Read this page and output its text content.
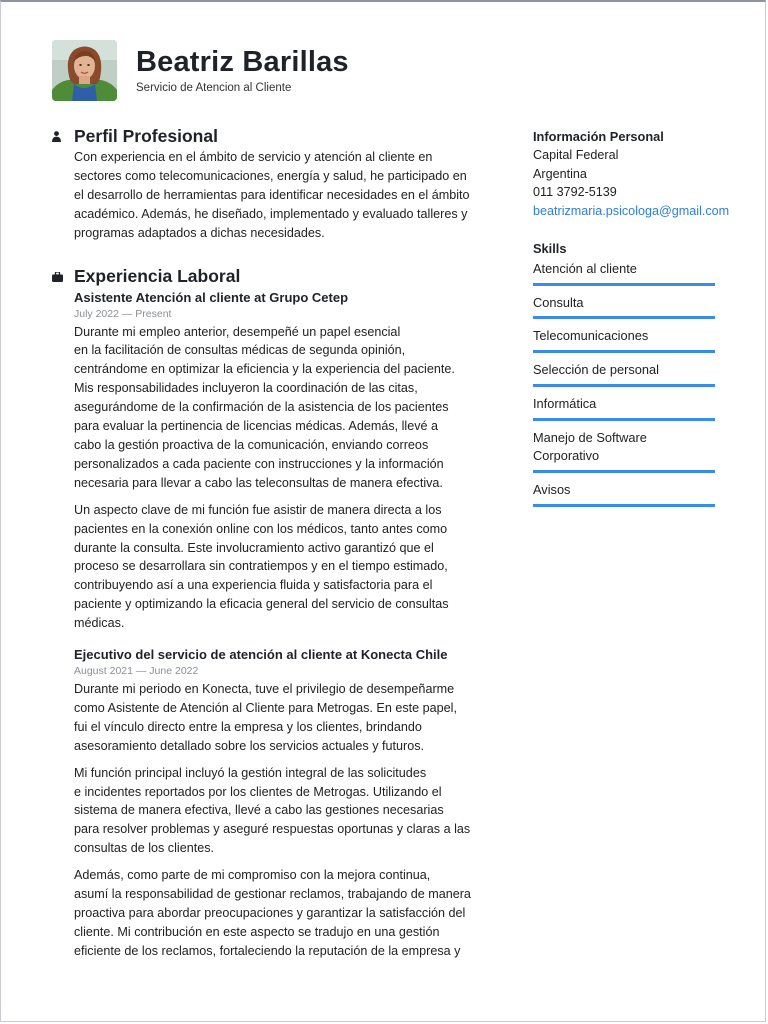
Beatriz Barillas
Servicio de Atencion al Cliente
Perfil Profesional

Con experiencia en el ámbito de servicio y atención al cliente en

sectores como telecomunicaciones, energía y salud, he participado en

el desarrollo de herramientas para identificar necesidades en el ámbito

académico. Además, he diseñado, implementado y evaluado talleres y

programas adaptados a dichas necesidades.

Experiencia Laboral
Asistente Atención al cliente at Grupo Cetep
July 2022 — Present

Durante mi empleo anterior, desempeñé un papel esencial

en la facilitación de consultas médicas de segunda opinión,

centrándome en optimizar la eficiencia y la experiencia del paciente.

Mis responsabilidades incluyeron la coordinación de las citas,

asegurándome de la confirmación de la asistencia de los pacientes

para evaluar la pertinencia de licencias médicas. Además, llevé a

cabo la gestión proactiva de la comunicación, enviando correos

personalizados a cada paciente con instrucciones y la información

necesaria para llevar a cabo las teleconsultas de manera efectiva.

Un aspecto clave de mi función fue asistir de manera directa a los

pacientes en la conexión online con los médicos, tanto antes como

durante la consulta. Este involucramiento activo garantizó que el

proceso se desarrollara sin contratiempos y en el tiempo estimado,

contribuyendo así a una experiencia fluida y satisfactoria para el

paciente y optimizando la eficacia general del servicio de consultas

médicas.

Ejecutivo del servicio de atención al cliente at Konecta Chile
August 2021 — June 2022

Durante mi periodo en Konecta, tuve el privilegio de desempeñarme

como Asistente de Atención al Cliente para Metrogas. En este papel,

fui el vínculo directo entre la empresa y los clientes, brindando

asesoramiento detallado sobre los servicios actuales y futuros.

Mi función principal incluyó la gestión integral de las solicitudes

e incidentes reportados por los clientes de Metrogas. Utilizando el

sistema de manera efectiva, llevé a cabo las gestiones necesarias

para resolver problemas y aseguré respuestas oportunas y claras a las

consultas de los clientes.

Además, como parte de mi compromiso con la mejora continua,

asumí la responsabilidad de gestionar reclamos, trabajando de manera

proactiva para abordar preocupaciones y garantizar la satisfacción del

cliente. Mi contribución en este aspecto se tradujo en una gestión

eficiente de los reclamos, fortaleciendo la reputación de la empresa y

Información Personal
Capital Federal
Argentina
011 3792-5139
beatrizmaria.psicologa@gmail.com
Skills
Atención al cliente
Consulta
Telecomunicaciones
Selección de personal
Informática
Manejo de Software Corporativo
Avisos
